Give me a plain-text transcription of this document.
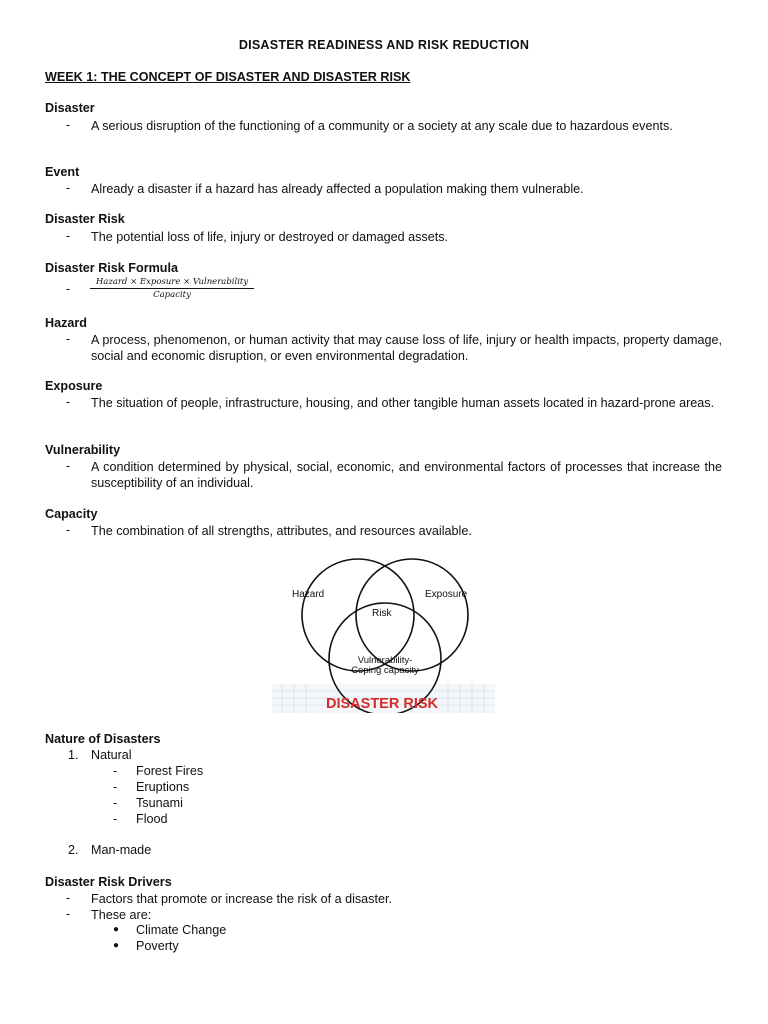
DISASTER READINESS AND RISK REDUCTION
WEEK 1: THE CONCEPT OF DISASTER AND DISASTER RISK
Disaster
- A serious disruption of the functioning of a community or a society at any scale due to hazardous events.
Event
- Already a disaster if a hazard has already affected a population making them vulnerable.
Disaster Risk
- The potential loss of life, injury or destroyed or damaged assets.
Disaster Risk Formula
-	Hazard × Exposure × Vulnerability
Capacity
Hazard
- A process, phenomenon, or human activity that may cause loss of life, injury or health impacts, property damage, social and economic disruption, or even environmental degradation.
Exposure
- The situation of people, infrastructure, housing, and other tangible human assets located in hazard-prone areas.
Vulnerability
- A condition determined by physical, social, economic, and environmental factors of processes that increase the susceptibility of an individual.
Capacity
- The combination of all strengths, attributes, and resources available.
Hazard	Exposure
Risk
Vulnerability-
Coping capacity
DISASTER RISK
Nature of Disasters
1. Natural
- Forest Fires
- Eruptions
- Tsunami
- Flood
2. Man-made
Disaster Risk Drivers
- Factors that promote or increase the risk of a disaster.
- These are:
● Climate Change
● Poverty
